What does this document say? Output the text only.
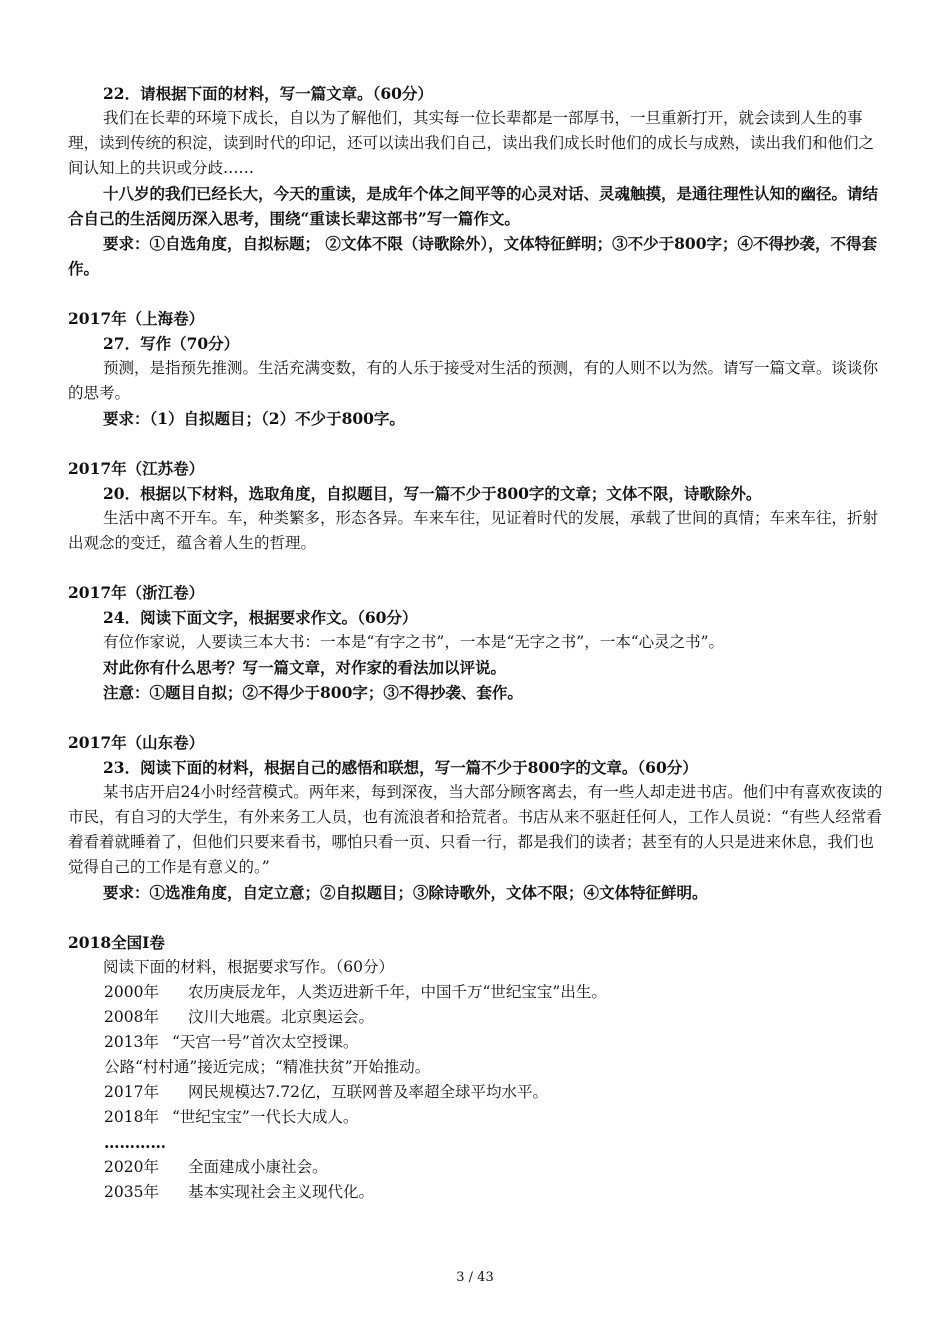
22．请根据下面的材料，写一篇文章。（60分）

我们在长辈的环境下成长，自以为了解他们，其实每一位长辈都是一部厚书，一旦重新打开，就会读到人生的事理，读到传统的积淀，读到时代的印记，还可以读出我们自己，读出我们成长时他们的成长与成熟，读出我们和他们之间认知上的共识或分歧……

十八岁的我们已经长大，今天的重读，是成年个体之间平等的心灵对话、灵魂触摸，是通往理性认知的幽径。请结合自己的生活阅历深入思考，围绕“重读长辈这部书”写一篇作文。

要求：①自选角度，自拟标题； ②文体不限（诗歌除外），文体特征鲜明；③不少于800字；④不得抄袭，不得套作。

2017年（上海卷）

27．写作（70分）

预测，是指预先推测。生活充满变数，有的人乐于接受对生活的预测，有的人则不以为然。请写一篇文章。谈谈你的思考。

要求：（1）自拟题目；（2）不少于800字。

2017年（江苏卷）

20．根据以下材料，选取角度，自拟题目，写一篇不少于800字的文章；文体不限，诗歌除外。

生活中离不开车。车，种类繁多，形态各异。车来车往，见证着时代的发展，承载了世间的真情；车来车往，折射出观念的变迁，蕴含着人生的哲理。

2017年（浙江卷）

24．阅读下面文字，根据要求作文。（60分）

有位作家说，人要读三本大书：一本是“有字之书”，一本是“无字之书”，一本“心灵之书”。

对此你有什么思考？写一篇文章，对作家的看法加以评说。

注意：①题目自拟；②不得少于800字；③不得抄袭、套作。

2017年（山东卷）

23．阅读下面的材料，根据自己的感悟和联想，写一篇不少于800字的文章。（60分）

某书店开启24小时经营模式。两年来，每到深夜，当大部分顾客离去，有一些人却走进书店。他们中有喜欢夜读的市民，有自习的大学生，有外来务工人员，也有流浪者和拾荒者。书店从来不驱赶任何人，工作人员说：“有些人经常看着看着就睡着了，但他们只要来看书，哪怕只看一页、只看一行，都是我们的读者；甚至有的人只是进来休息，我们也觉得自己的工作是有意义的。”

要求：①选准角度，自定立意；②自拟题目；③除诗歌外，文体不限；④文体特征鲜明。

2018全国Ⅰ卷

阅读下面的材料，根据要求写作。（60分）

2000年	农历庚辰龙年，人类迈进新千年，中国千万“世纪宝宝”出生。
2008年	汶川大地震。北京奥运会。
2013年 “天宫一号”首次太空授课。
公路“村村通”接近完成；“精准扶贫”开始推动。
2017年	网民规模达7.72亿，互联网普及率超全球平均水平。
2018年 “世纪宝宝”一代长大成人。
…………
2020年	全面建成小康社会。
2035年	基本实现社会主义现代化。
3 / 43
